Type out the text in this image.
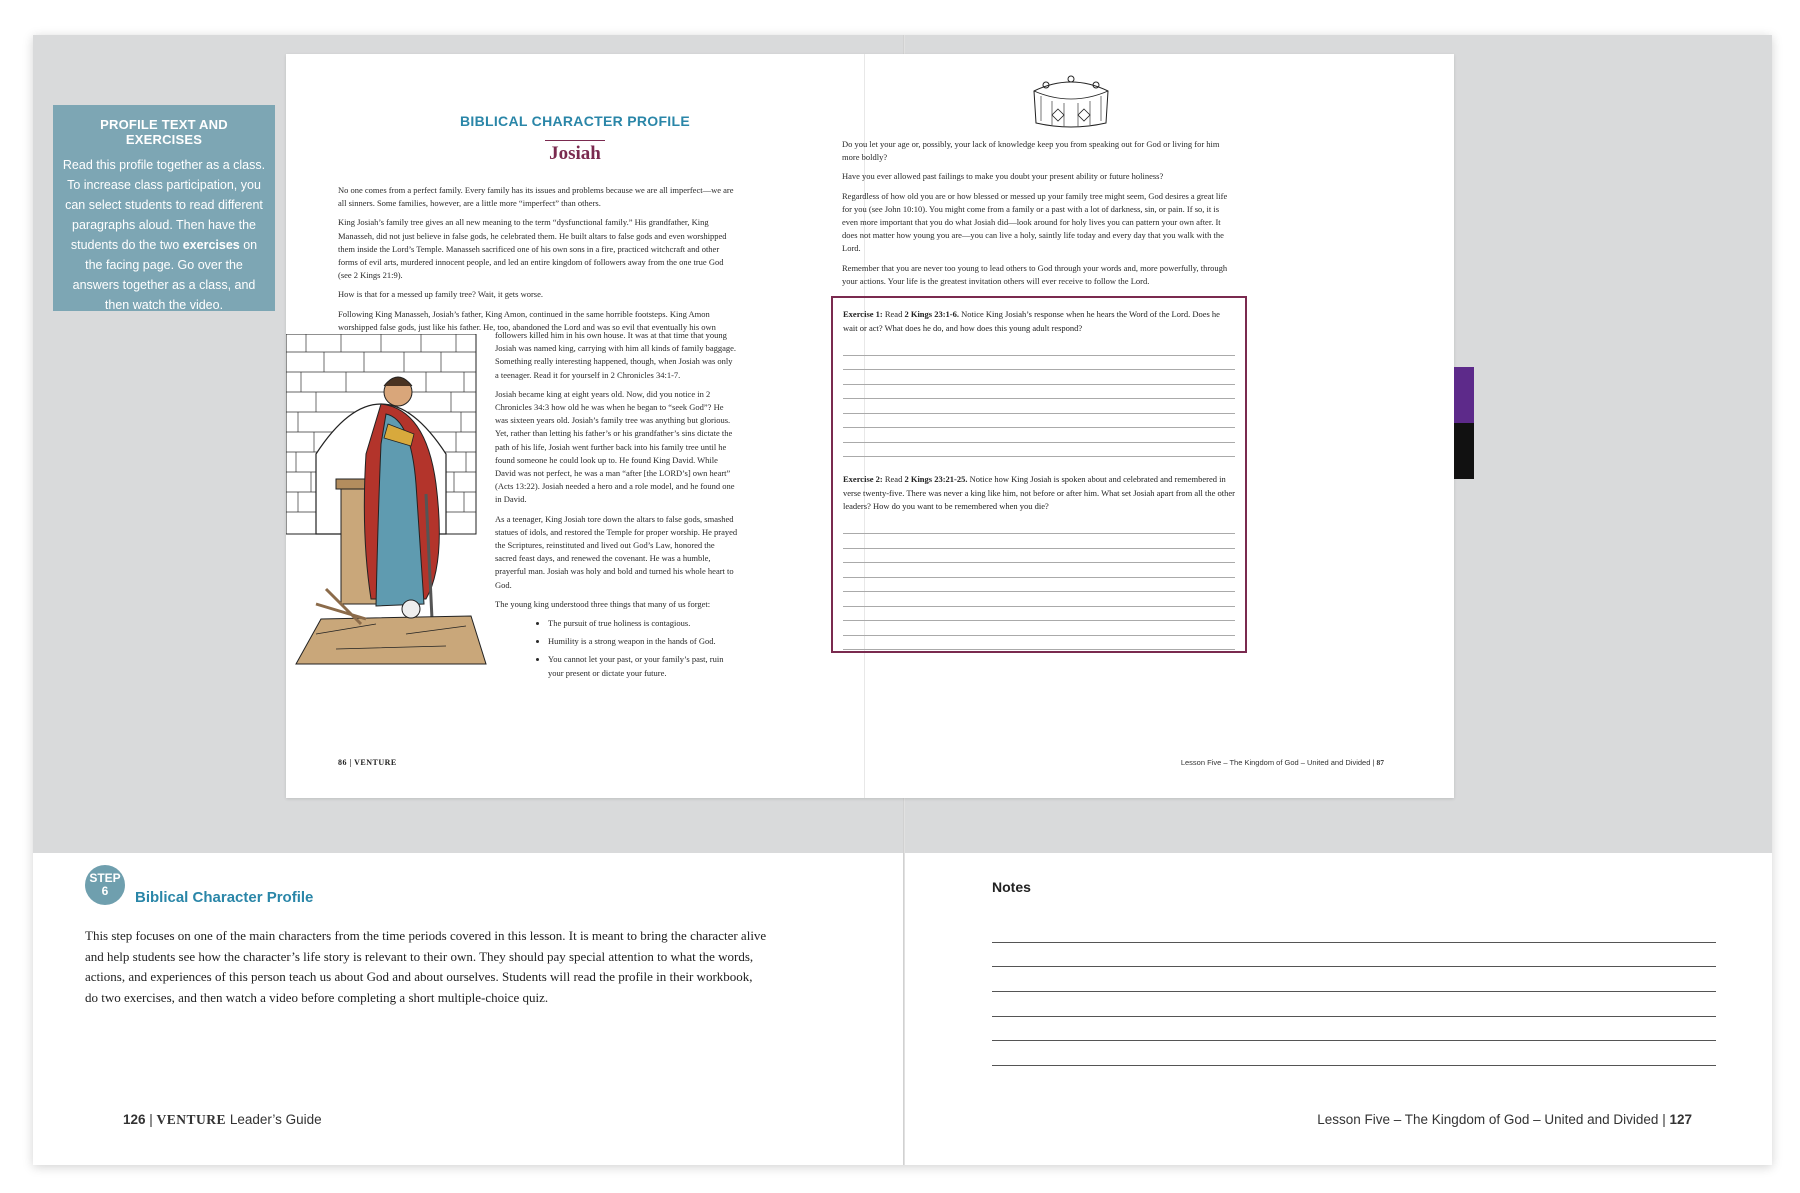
PROFILE TEXT AND EXERCISES

Read this profile together as a class. To increase class participation, you can select students to read different paragraphs aloud. Then have the students do the two exercises on the facing page. Go over the answers together as a class, and then watch the video.

BIBLICAL CHARACTER PROFILE
Josiah

No one comes from a perfect family. Every family has its issues and problems because we are all imperfect—we are all sinners. Some families, however, are a little more “imperfect” than others.

King Josiah’s family tree gives an all new meaning to the term “dysfunctional family.” His grandfather, King Manasseh, did not just believe in false gods, he celebrated them. He built altars to false gods and even worshipped them inside the Lord’s Temple. Manasseh sacrificed one of his own sons in a fire, practiced witchcraft and other forms of evil arts, murdered innocent people, and led an entire kingdom of followers away from the one true God (see 2 Kings 21:9).

How is that for a messed up family tree? Wait, it gets worse.

Following King Manasseh, Josiah’s father, King Amon, continued in the same horrible footsteps. King Amon worshipped false gods, just like his father. He, too, abandoned the Lord and was so evil that eventually his own

followers killed him in his own house. It was at that time that young Josiah was named king, carrying with him all kinds of family baggage. Something really interesting happened, though, when Josiah was only a teenager. Read it for yourself in 2 Chronicles 34:1-7.

Josiah became king at eight years old. Now, did you notice in 2 Chronicles 34:3 how old he was when he began to “seek God”? He was sixteen years old. Josiah’s family tree was anything but glorious. Yet, rather than letting his father’s or his grandfather’s sins dictate the path of his life, Josiah went further back into his family tree until he found someone he could look up to. He found King David. While David was not perfect, he was a man “after [the LORD’s] own heart” (Acts 13:22). Josiah needed a hero and a role model, and he found one in David.

As a teenager, King Josiah tore down the altars to false gods, smashed statues of idols, and restored the Temple for proper worship. He prayed the Scriptures, reinstituted and lived out God’s Law, honored the sacred feast days, and renewed the covenant. He was a humble, prayerful man. Josiah was holy and bold and turned his whole heart to God.

The young king understood three things that many of us forget:

• The pursuit of true holiness is contagious.
• Humility is a strong weapon in the hands of God.
• You cannot let your past, or your family’s past, ruin your present or dictate your future.
86 | VENTURE

Do you let your age or, possibly, your lack of knowledge keep you from speaking out for God or living for him more boldly?

Have you ever allowed past failings to make you doubt your present ability or future holiness?

Regardless of how old you are or how blessed or messed up your family tree might seem, God desires a great life for you (see John 10:10). You might come from a family or a past with a lot of darkness, sin, or pain. If so, it is even more important that you do what Josiah did—look around for holy lives you can pattern your own after. It does not matter how young you are—you can live a holy, saintly life today and every day that you walk with the Lord.

Remember that you are never too young to lead others to God through your words and, more powerfully, through your actions. Your life is the greatest invitation others will ever receive to follow the Lord.

Exercise 1: Read 2 Kings 23:1-6. Notice King Josiah’s response when he hears the Word of the Lord. Does he wait or act? What does he do, and how does this young adult respond?
Exercise 2: Read 2 Kings 23:21-25. Notice how King Josiah is spoken about and celebrated and remembered in verse twenty-five. There was never a king like him, not before or after him. What set Josiah apart from all the other leaders? How do you want to be remembered when you die?
Lesson Five – The Kingdom of God – United and Divided | 87
STEP
6	Biblical Character Profile

This step focuses on one of the main characters from the time periods covered in this lesson. It is meant to bring the character alive

and help students see how the character’s life story is relevant to their own. They should pay special attention to what the words,

actions, and experiences of this person teach us about God and about ourselves. Students will read the profile in their workbook,

do two exercises, and then watch a video before completing a short multiple-choice quiz.

Notes
126 | VENTURE Leader’s Guide	Lesson Five – The Kingdom of God – United and Divided | 127
